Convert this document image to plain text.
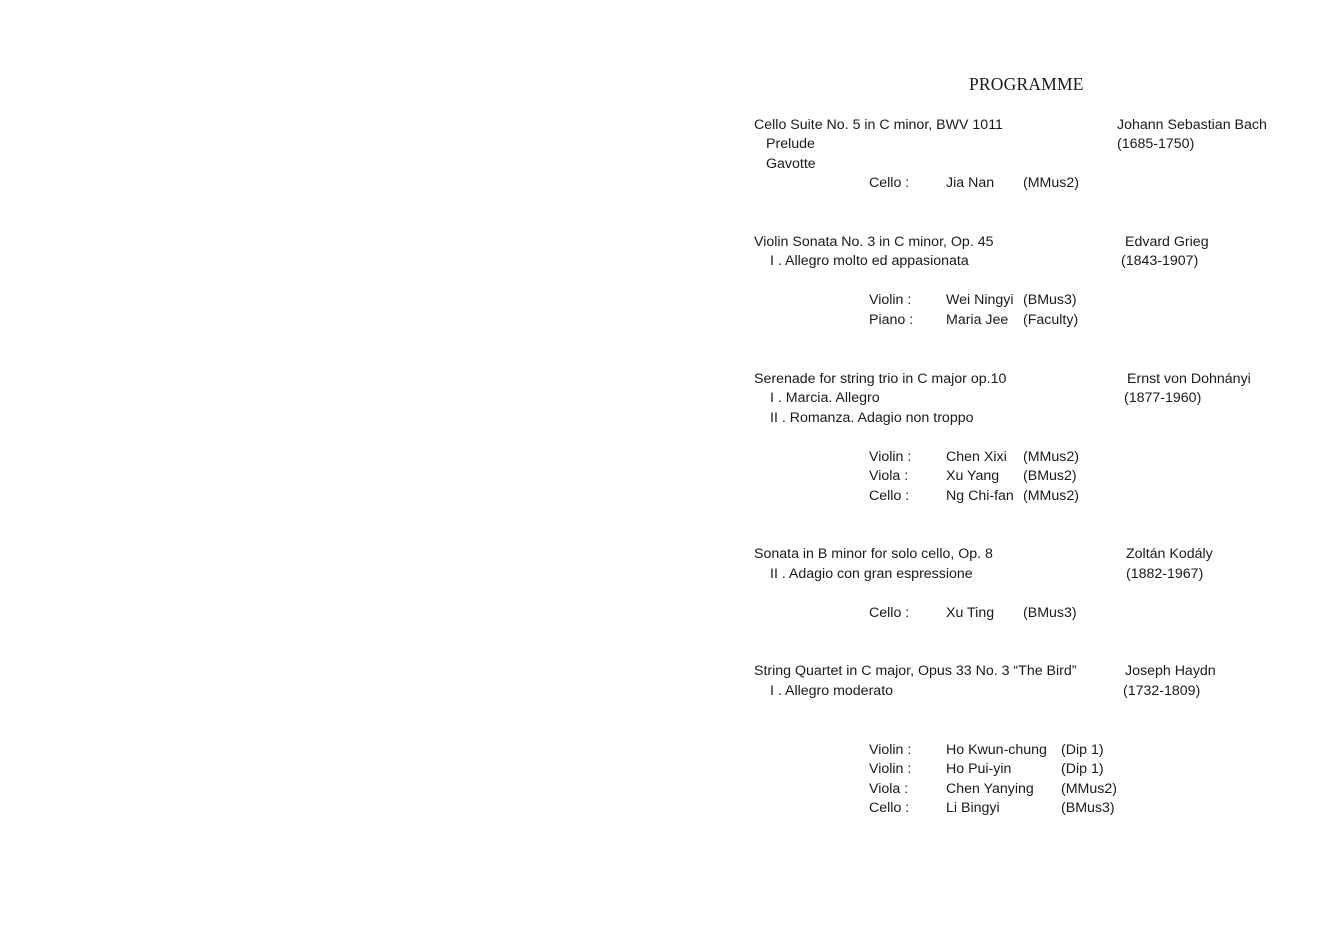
PROGRAMME
Cello Suite No. 5 in C minor, BWV 1011
Prelude
Gavotte
Johann Sebastian Bach
(1685-1750)
Cello :	Jia Nan (MMus2)
Violin Sonata No. 3 in C minor, Op. 45
I . Allegro molto ed appasionata
Edvard Grieg
(1843-1907)
Violin : Wei Ningyi (BMus3)
Piano : Maria Jee (Faculty)
Serenade for string trio in C major op.10
I . Marcia. Allegro
II . Romanza. Adagio non troppo
Ernst von Dohnányi
(1877-1960)
Violin : Chen Xixi (MMus2)
Viola :	Xu Yang (BMus2)
Cello :	Ng Chi-fan (MMus2)
Sonata in B minor for solo cello, Op. 8
II . Adagio con gran espressione
Zoltán Kodály
(1882-1967)
Cello :	Xu Ting (BMus3)
String Quartet in C major, Opus 33 No. 3 “The Bird”
I . Allegro moderato
Joseph Haydn
(1732-1809)
Violin : Ho Kwun-chung (Dip 1)
Violin : Ho Pui-yin	(Dip 1)
Viola :	Chen Yanying (MMus2)
Cello :	Li Bingyi	(BMus3)
